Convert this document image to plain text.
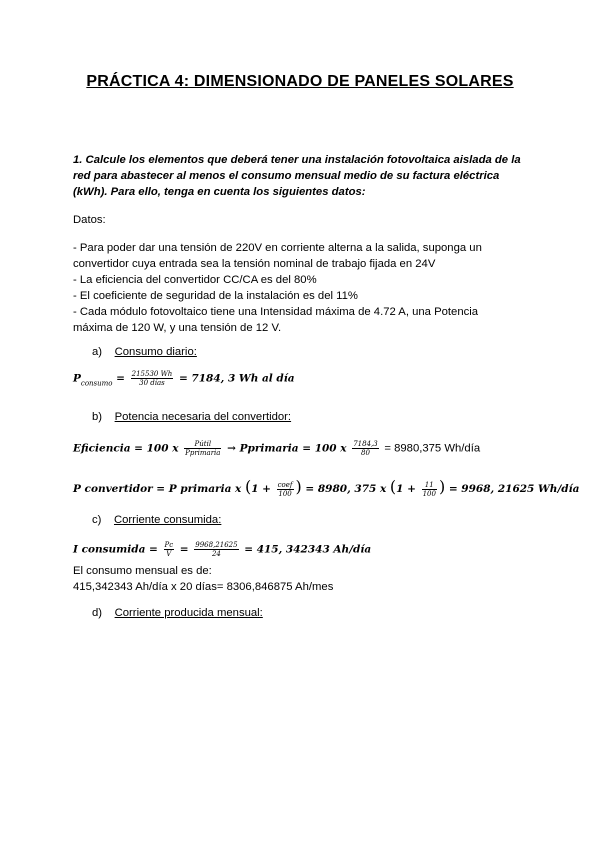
PRÁCTICA 4: DIMENSIONADO DE PANELES SOLARES
1. Calcule los elementos que deberá tener una instalación fotovoltaica aislada de la red para abastecer al menos el consumo mensual medio de su factura eléctrica (kWh). Para ello, tenga en cuenta los siguientes datos:
Datos:
- Para poder dar una tensión de 220V en corriente alterna a la salida, suponga un convertidor cuya entrada sea la tensión nominal de trabajo fijada en 24V
- La eficiencia del convertidor CC/CA es del 80%
- El coeficiente de seguridad de la instalación es del 11%
- Cada módulo fotovoltaico tiene una Intensidad máxima de 4.72 A, una Potencia máxima de 120 W, y una tensión de 12 V.
a) Consumo diario:
$P_{consumo} = \frac{215530 Wh}{\text{30 días}} = 7184$, 3 Wh al día
b) Potencia necesaria del convertidor:
Eficiencia = 100 x $\frac{\text{Pútil}}{\text{Pprimaria}}$ → Pprimaria = 100 x $\frac{7184,3}{80} = 8980,375$ Wh/día
P convertidor = P primaria x ($1 + \frac{\text{coef}}{100}$ ) = 8980, 375 x ($1 + \frac{11}{100}$ ) = 9968, 21625 Wh/día
c) Corriente consumida:
I consumida = $\frac{Pc}{V} = \frac{9968,21625}{24} = 415$, 342343 Ah/día
El consumo mensual es de:
415,342343 Ah/día x 20 días= 8306,846875 Ah/mes
d) Corriente producida mensual:
